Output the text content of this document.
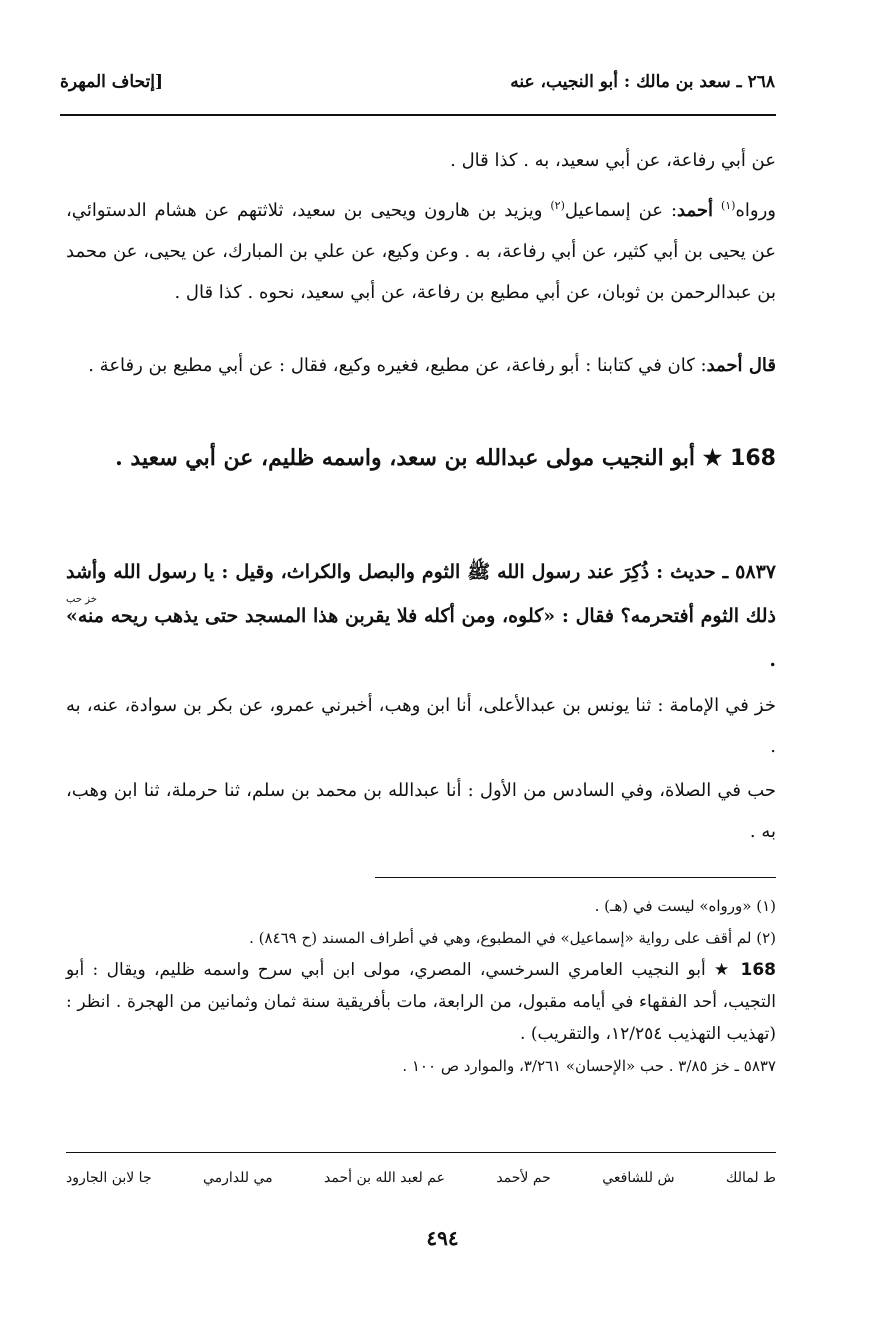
٢٦٨ ـ سعد بن مالك : أبو النجيب، عنه
[إتحاف المهرة
عن أبي رفاعة، عن أبي سعيد، به . كذا قال .
ورواه$^{(١)}$ أحمد: عن إسماعيل$^{(٢)}$ ويزيد بن هارون ويحيى بن سعيد، ثلاثتهم عن هشام الدستوائي، عن يحيى بن أبي كثير، عن أبي رفاعة، به . وعن وكيع، عن علي بن المبارك، عن يحيى، عن محمد بن عبدالرحمن بن ثوبان، عن أبي مطيع بن رفاعة، عن أبي سعيد، نحوه . كذا قال .
قال أحمد: كان في كتابنا : أبو رفاعة، عن مطيع، فغيره وكيع، فقال : عن أبي مطيع بن رفاعة .
168 ★ أبو النجيب مولى عبدالله بن سعد، واسمه ظليم، عن أبي سعيد .
خز حب
٥٨٣٧ ـ حديث : ذُكِرَ عند رسول الله ﷺ الثوم والبصل والكراث، وقيل : يا رسول الله وأشد ذلك الثوم أفتحرمه؟ فقال : «كلوه، ومن أكله فلا يقربن هذا المسجد حتى يذهب ريحه منه» .
خز في الإمامة : ثنا يونس بن عبدالأعلى، أنا ابن وهب، أخبرني عمرو، عن بكر بن سوادة، عنه، به .
حب في الصلاة، وفي السادس من الأول : أنا عبدالله بن محمد بن سلم، ثنا حرملة، ثنا ابن وهب، به .
(١) «ورواه» ليست في (هـ) .
(٢) لم أقف على رواية «إسماعيل» في المطبوع، وهي في أطراف المسند (ح ٨٤٦٩) .
168 ★ أبو النجيب العامري السرخسي، المصري، مولى ابن أبي سرح واسمه ظليم، ويقال : أبو التجيب، أحد الفقهاء في أيامه مقبول، من الرابعة، مات بأفريقية سنة ثمان وثمانين من الهجرة . انظر : (تهذيب التهذيب ١٢/٢٥٤، والتقريب) .
٥٨٣٧ ـ خز ٣/٨٥ . حب «الإحسان» ٣/٢٦١، والموارد ص ١٠٠ .
ط لمالك
ش للشافعي
حم لأحمد
عم لعبد الله بن أحمد
مي للدارمي
جا لابن الجارود
٤٩٤
